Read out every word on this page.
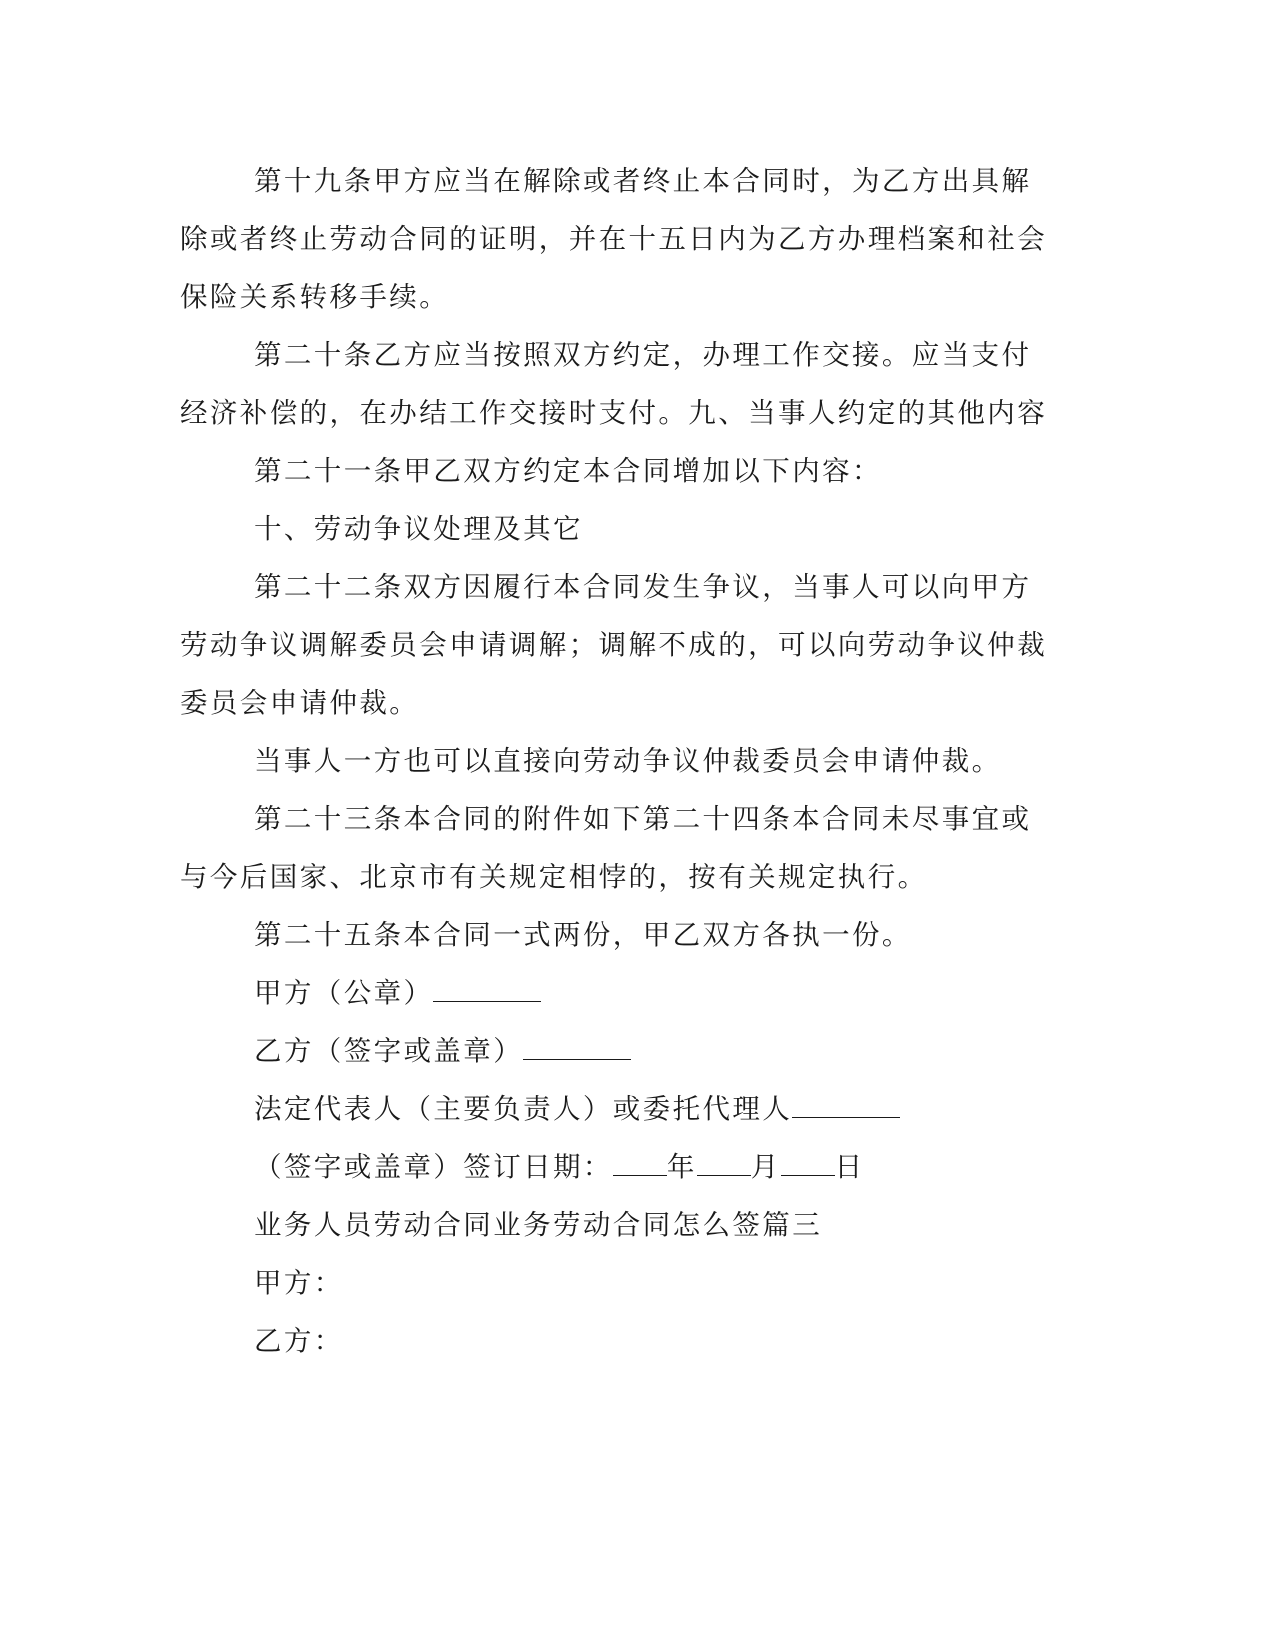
第十九条甲方应当在解除或者终止本合同时，为乙方出具解除或者终止劳动合同的证明，并在十五日内为乙方办理档案和社会保险关系转移手续。

第二十条乙方应当按照双方约定，办理工作交接。应当支付经济补偿的，在办结工作交接时支付。九、当事人约定的其他内容

第二十一条甲乙双方约定本合同增加以下内容：

十、劳动争议处理及其它

第二十二条双方因履行本合同发生争议，当事人可以向甲方劳动争议调解委员会申请调解；调解不成的，可以向劳动争议仲裁委员会申请仲裁。

当事人一方也可以直接向劳动争议仲裁委员会申请仲裁。

第二十三条本合同的附件如下第二十四条本合同未尽事宜或与今后国家、北京市有关规定相悖的，按有关规定执行。

第二十五条本合同一式两份，甲乙双方各执一份。

甲方（公章）

乙方（签字或盖章）

法定代表人（主要负责人）或委托代理人

（签字或盖章）签订日期： 年 月 日

业务人员劳动合同业务劳动合同怎么签篇三

甲方：

乙方：
